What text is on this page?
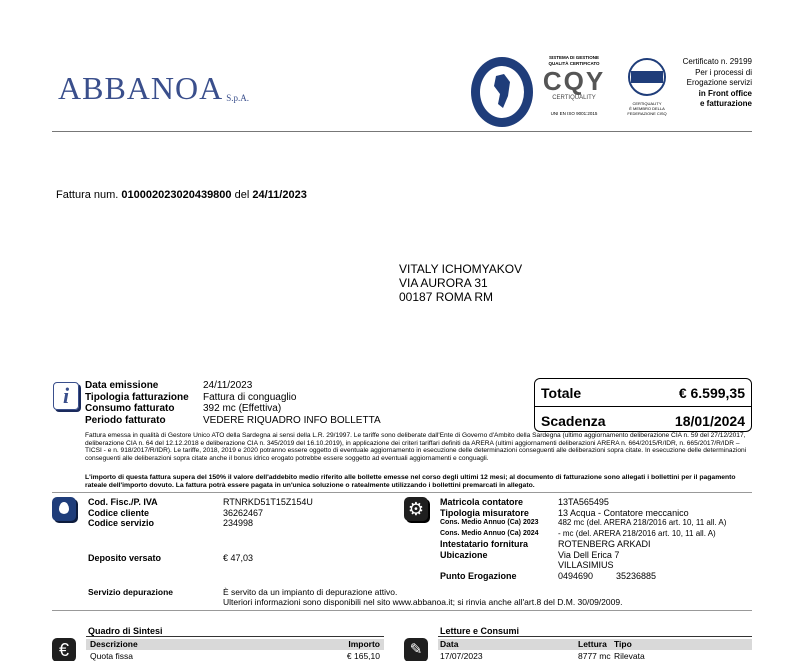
ABBANOA S.p.A.
SISTEMA DI GESTIONE
QUALITÀ CERTIFICATO
CQY
CERTIQUALITY
UNI EN ISO 9001:2015
CERTIQUALITY
È MEMBRO DELLA
FEDERAZIONE CISQ
Certificato n. 29199
Per i processi di
Erogazione servizi
in Front office
e fatturazione
Fattura num. 010002023020439800 del 24/11/2023
VITALY ICHOMYAKOV
VIA AURORA 31
00187 ROMA RM
i	Data emissione	24/11/2023
Tipologia fatturazione	Fattura di conguaglio
Consumo fatturato	392 mc (Effettiva)
Periodo fatturato	VEDERE RIQUADRO INFO BOLLETTA
Totale	€ 6.599,35
Scadenza	18/01/2024
Fattura emessa in qualità di Gestore Unico ATO della Sardegna ai sensi della L.R. 29/1997. Le tariffe sono deliberate dall'Ente di Governo d'Ambito della Sardegna (ultimo aggiornamento deliberazione CIA n. 59 del 27/12/2017, deliberazione CIA n. 64 del 12.12.2018 e deliberazione CIA n. 345/2019 del 16.10.2019), in applicazione dei criteri tariffari definiti da ARERA (ultimi aggiornamenti deliberazioni ARERA n. 664/2015/R/IDR, n. 665/2017/R/IDR – TICSI - e n. 918/2017/R/IDR). Le tariffe, 2018, 2019 e 2020 potranno essere oggetto di eventuale aggiornamento in esecuzione delle determinazioni conseguenti alle deliberazioni sopra citate. In esecuzione delle determinazioni conseguenti alle deliberazioni sopra citate anche il bonus idrico erogato potrebbe essere soggetto ad eventuali aggiornamenti e conguagli.
L'importo di questa fattura supera del 150% il valore dell'addebito medio riferito alle bollette emesse nel corso degli ultimi 12 mesi; al documento di fatturazione sono allegati i bollettini per il pagamento rateale dell'importo dovuto. La fattura potrà essere pagata in un'unica soluzione o ratealmente utilizzando i bollettini premarcati in allegato.
Cod. Fisc./P. IVA	RTNRKD51T15Z154U
Codice cliente	36262467
Codice servizio	234998
Deposito versato	€ 47,03
⚙	Matricola contatore	13TA565495
Tipologia misuratore	13 Acqua - Contatore meccanico
Cons. Medio Annuo (Ca) 2023	482 mc (del. ARERA 218/2016 art. 10, 11 all. A)
Cons. Medio Annuo (Ca) 2024	- mc (del. ARERA 218/2016 art. 10, 11 all. A)
Intestatario fornitura	ROTENBERG ARKADI
Ubicazione	Via Dell Erica 7
VILLASIMIUS
Punto Erogazione	0494690	35236885
Servizio depurazione	È servito da un impianto di depurazione attivo.
Ulteriori informazioni sono disponibili nel sito www.abbanoa.it; si rinvia anche all'art.8 del D.M. 30/09/2009.
€
Quadro di Sintesi
Descrizione	Importo
Quota fissa	€ 165,10	✎
Letture e Consumi
Data	Lettura Tipo
17/07/2023	8777 mc Rilevata
